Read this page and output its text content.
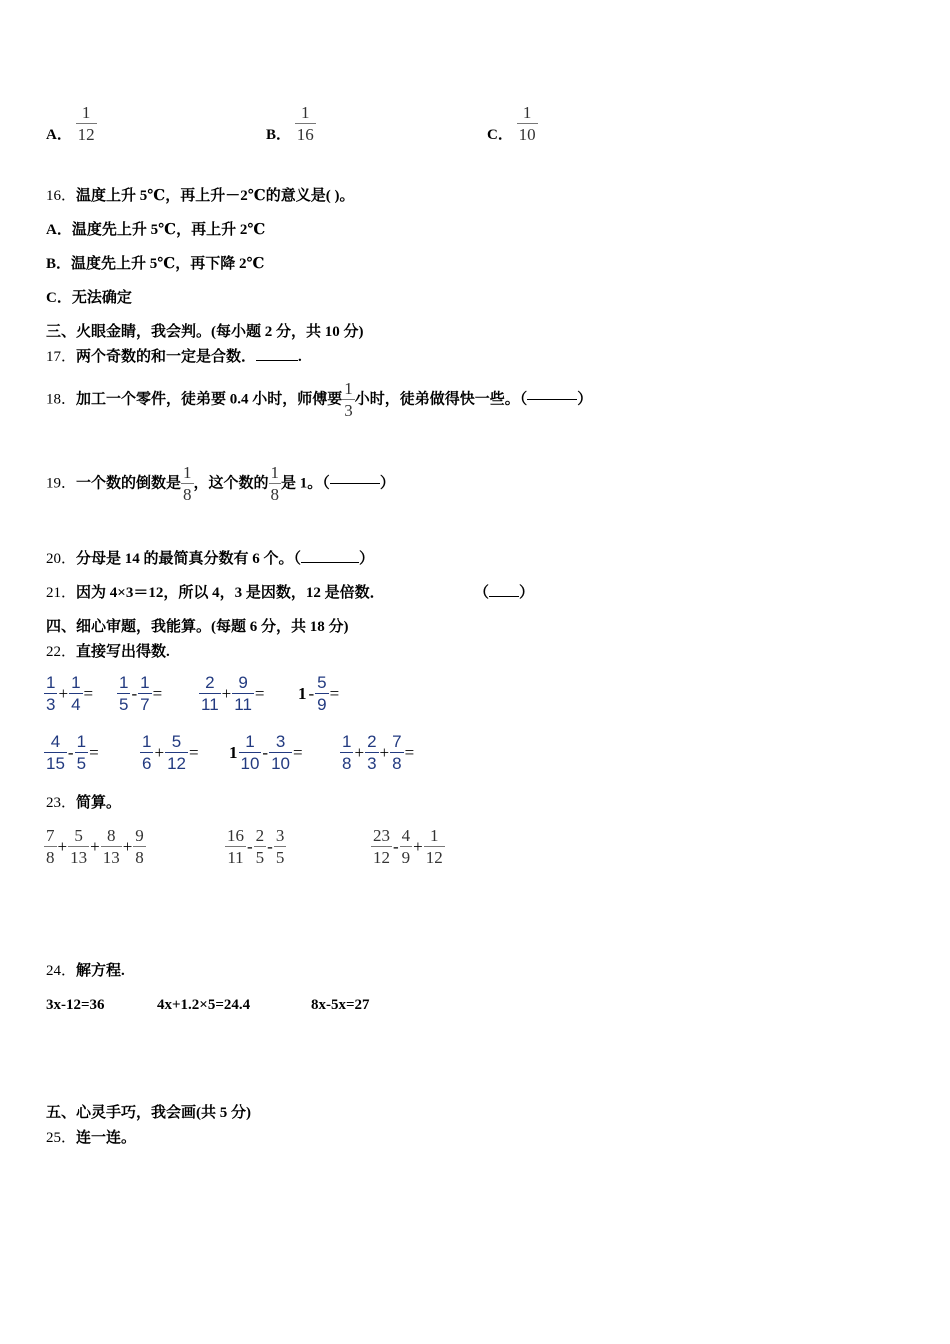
A． $\frac{1}{12}$	B． $\frac{1}{16}$	C． $\frac{1}{10}$
16．温度上升 5℃，再上升－2℃的意义是( )。
A．温度先上升 5℃，再上升 2℃
B．温度先上升 5℃，再下降 2℃
C．无法确定
三、火眼金睛，我会判。(每小题 2 分，共 10 分)
17．两个奇数的和一定是合数．	.
18．加工一个零件，徒弟要 0.4 小时，师傅要 $\frac{1}{3}$ 小时，徒弟做得快一些。（	）
19．一个数的倒数是 $\frac{1}{8}$ ，这个数的 $\frac{1}{8}$ 是 1。（	）
20．分母是 14 的最简真分数有 6 个。（	）
21．因为 4×3＝12，所以 4，3 是因数，12 是倍数．	（ ）
四、细心审题，我能算。(每题 6 分，共 18 分)
22．直接写出得数.
$\frac{1}{3} + \frac{1}{4} = \frac{1}{5} - \frac{1}{7} = \frac{2}{11} + \frac{9}{11} = 1 - \frac{5}{9}$ =
$\frac{4}{15} - \frac{1}{5} = \frac{1}{6} + \frac{5}{12} = 1 \frac{1}{10} - \frac{3}{10} = \frac{1}{8} + \frac{2}{3} + \frac{7}{8}$ =
23．简算。
$\frac{7}{8} + \frac{5}{13} + \frac{8}{13} + \frac{9}{8}$	$\frac{16}{11} - \frac{2}{5} - \frac{3}{5}$	$\frac{23}{12} - \frac{4}{9} + \frac{1}{12}$
24．解方程.
3x-12=36	4x+1.2×5=24.4	8x-5x=27
五、心灵手巧，我会画(共 5 分)
25．连一连。
